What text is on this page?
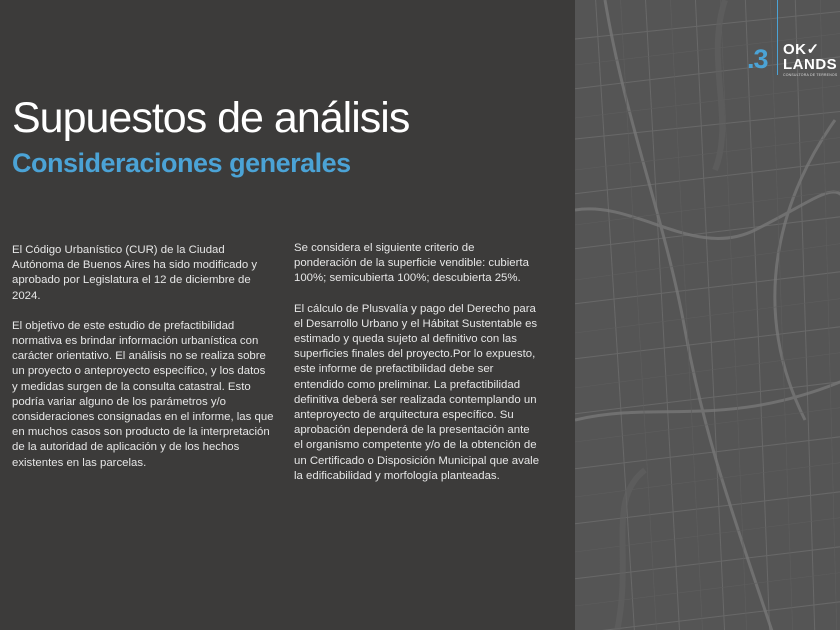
.3 OK✓
LANDS
CONSULTORA DE TERRENOS
Supuestos de análisis
Consideraciones generales

El Código Urbanístico (CUR) de la Ciudad Autónoma de Buenos Aires ha sido modificado y aprobado por Legislatura el 12 de diciembre de 2024.

El objetivo de este estudio de prefactibilidad normativa es brindar información urbanística con carácter orientativo. El análisis no se realiza sobre un proyecto o anteproyecto específico, y los datos y medidas surgen de la consulta catastral. Esto podría variar alguno de los parámetros y/o consideraciones consignadas en el informe, las que en muchos casos son producto de la interpretación de la autoridad de aplicación y de los hechos existentes en las parcelas.

Se considera el siguiente criterio de ponderación de la superficie vendible: cubierta 100%; semicubierta 100%; descubierta 25%.

El cálculo de Plusvalía y pago del Derecho para el Desarrollo Urbano y el Hábitat Sustentable es estimado y queda sujeto al definitivo con las superficies finales del proyecto.Por lo expuesto, este informe de prefactibilidad debe ser entendido como preliminar. La prefactibilidad definitiva deberá ser realizada contemplando un anteproyecto de arquitectura específico. Su aprobación dependerá de la presentación ante el organismo competente y/o de la obtención de un Certificado o Disposición Municipal que avale la edificabilidad y morfología planteadas.
